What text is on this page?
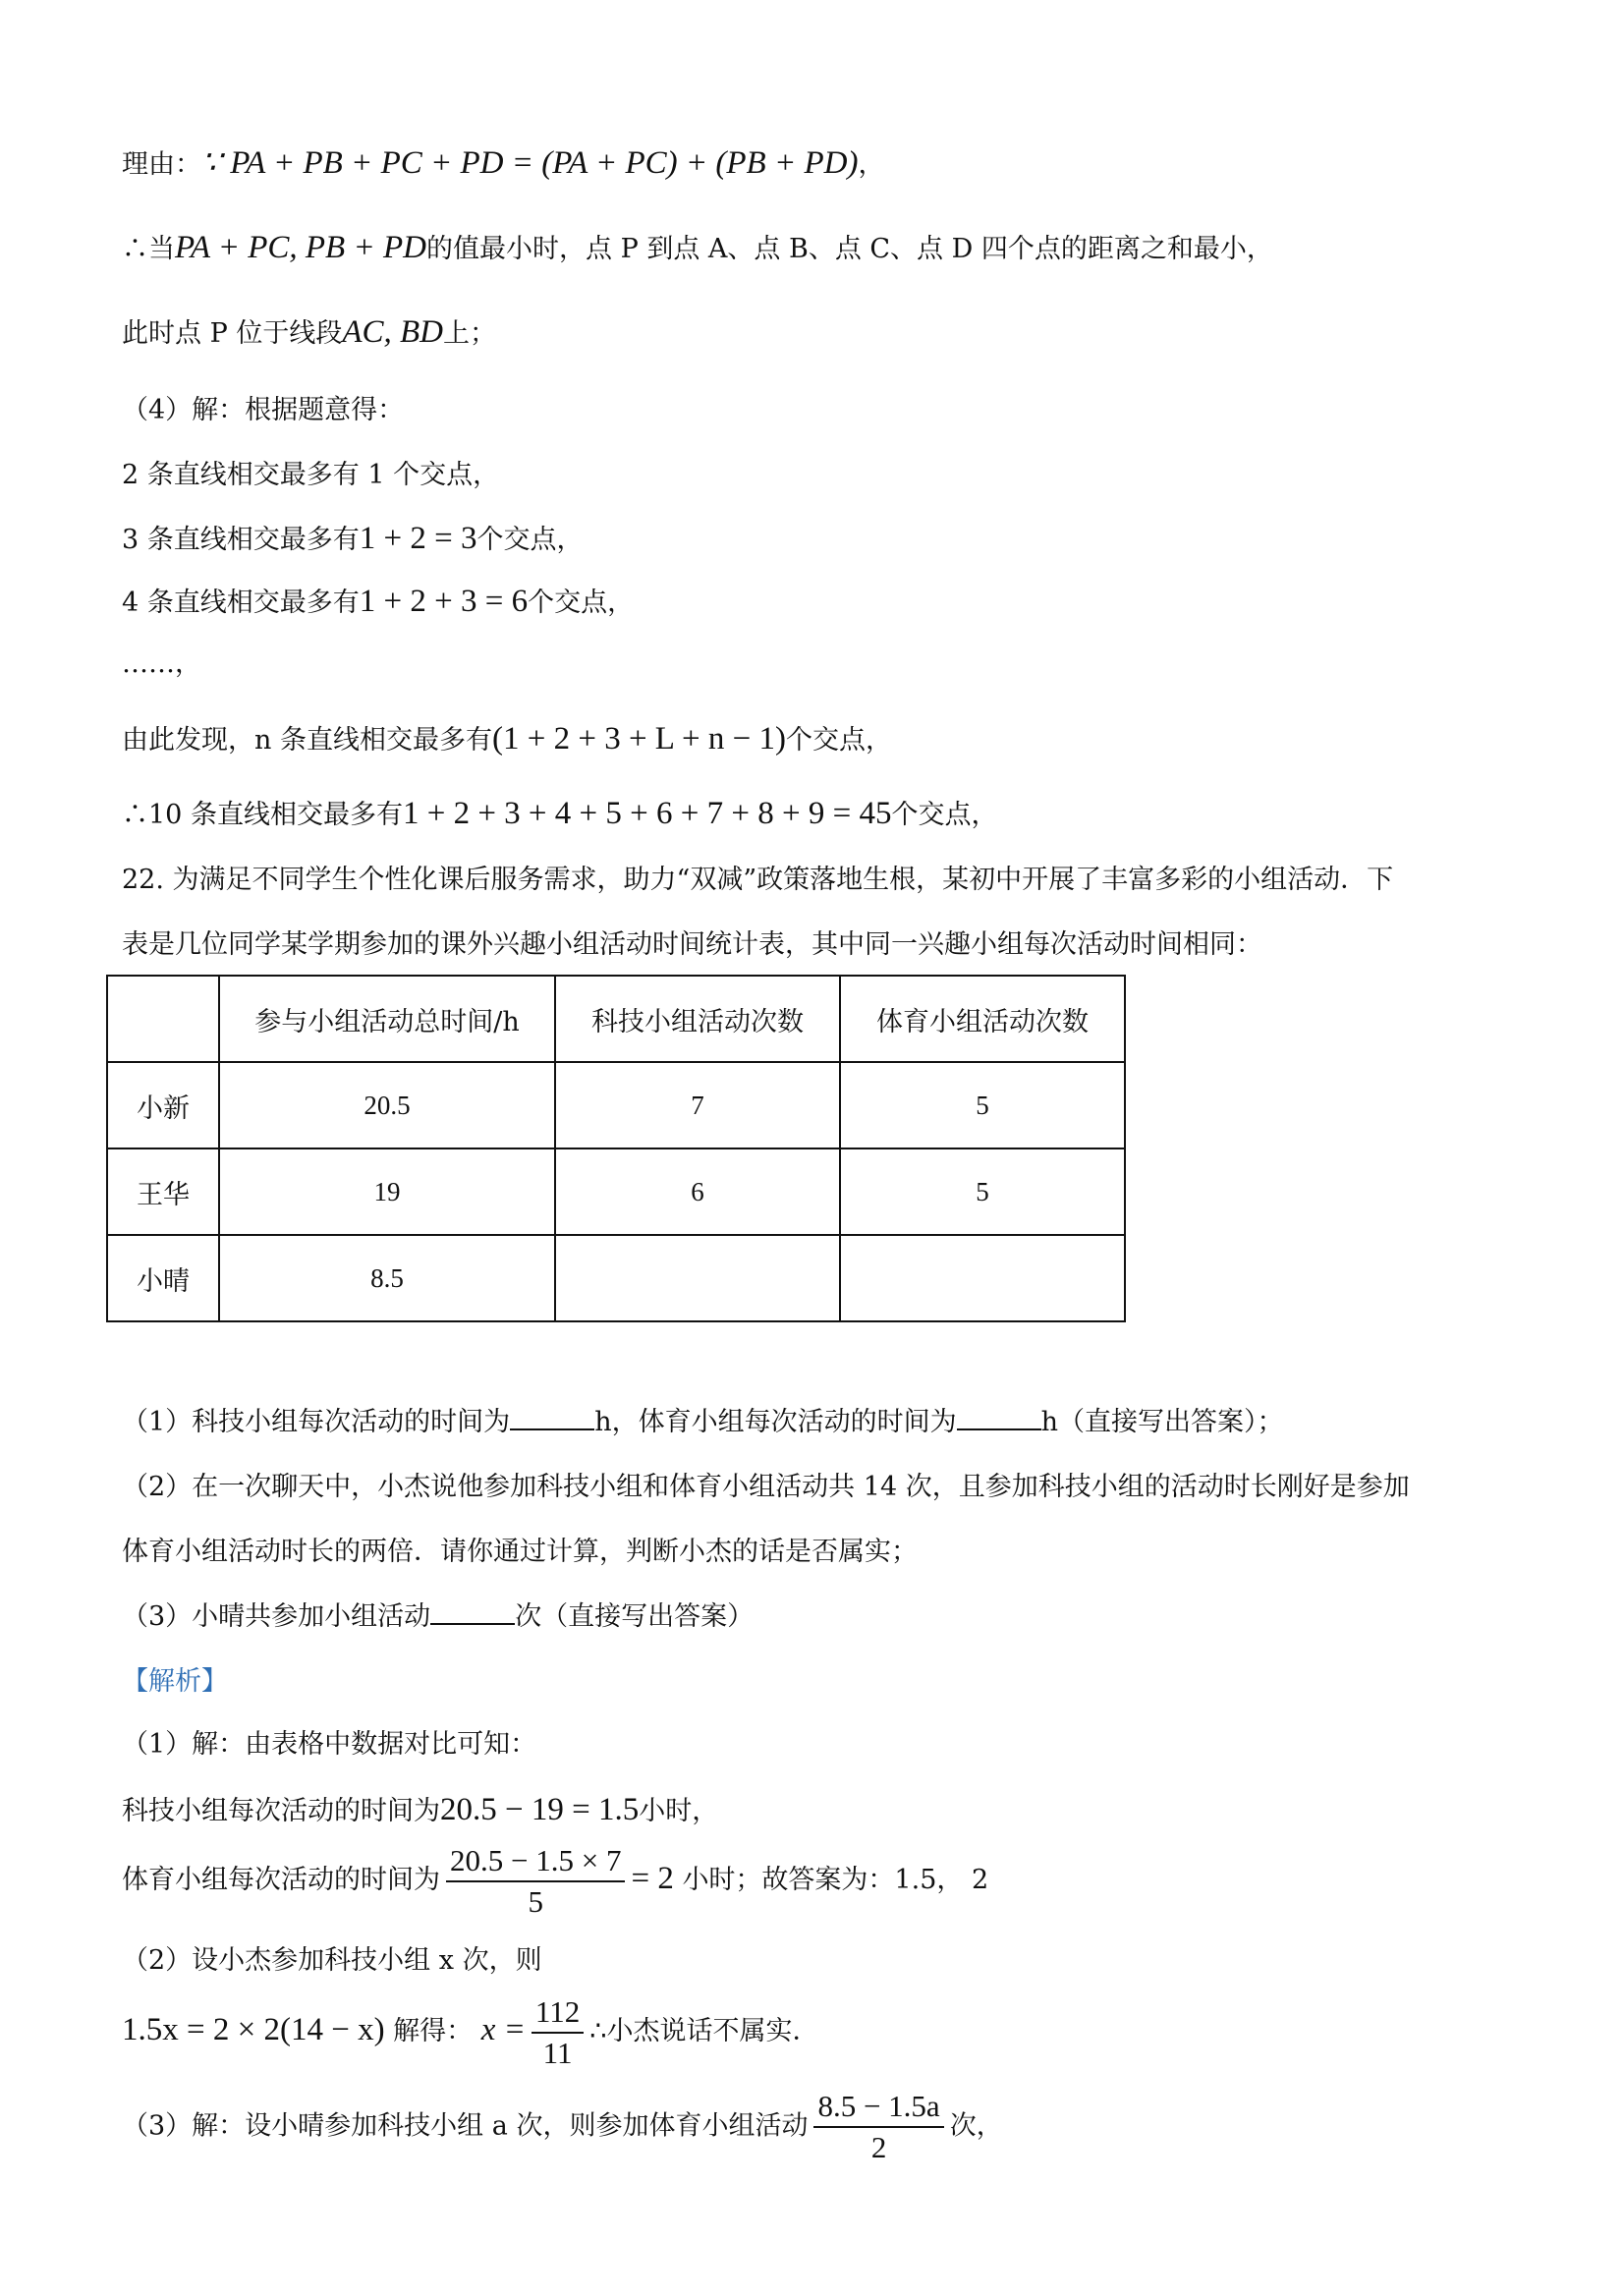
理由：∵ PA + PB + PC + PD = (PA + PC) + (PB + PD)，
∴当PA + PC, PB + PD的值最小时，点 P 到点 A、点 B、点 C、点 D 四个点的距离之和最小，
此时点 P 位于线段AC, BD上；
（4）解：根据题意得：
2 条直线相交最多有 1 个交点，
3 条直线相交最多有1 + 2 = 3个交点，
4 条直线相交最多有1 + 2 + 3 = 6个交点，
……，
由此发现，n 条直线相交最多有(1 + 2 + 3 + L + n − 1)个交点，
∴10 条直线相交最多有1 + 2 + 3 + 4 + 5 + 6 + 7 + 8 + 9 = 45个交点，
22. 为满足不同学生个性化课后服务需求，助力“双减”政策落地生根，某初中开展了丰富多彩的小组活动．下
表是几位同学某学期参加的课外兴趣小组活动时间统计表，其中同一兴趣小组每次活动时间相同：
	参与小组活动总时间/h	科技小组活动次数	体育小组活动次数
小新	20.5	7	5
王华	19	6	5
小晴	8.5		
（1）科技小组每次活动的时间为	h，体育小组每次活动的时间为	h（直接写出答案）；
（2）在一次聊天中，小杰说他参加科技小组和体育小组活动共 14 次，且参加科技小组的活动时长刚好是参加
体育小组活动时长的两倍．请你通过计算，判断小杰的话是否属实；
（3）小晴共参加小组活动	次（直接写出答案）
【解析】
（1）解：由表格中数据对比可知：
科技小组每次活动的时间为20.5 − 19 = 1.5小时，
体育小组每次活动的时间为 $\frac{20.5 - 1.5 \times 7}{5} = 2$ 小时；故答案为：1.5， 2
（2）设小杰参加科技小组 x 次，则
1.5x = 2 × 2(14 − x) 解得： $x = \frac{112}{11}$ ∴小杰说话不属实．
（3）解：设小晴参加科技小组 a 次，则参加体育小组活动 $\frac{8.5 - 1.5a}{2}$ 次，
